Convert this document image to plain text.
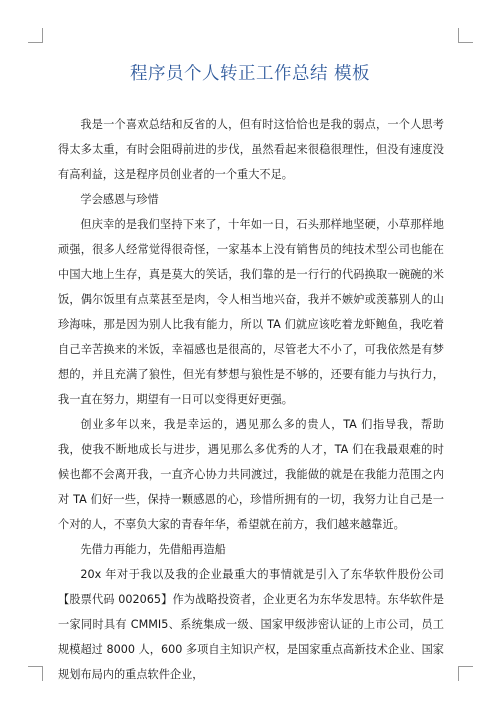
程序员个人转正工作总结 模板

我是一个喜欢总结和反省的人，但有时这恰恰也是我的弱点，一个人思考得太多太重，有时会阻碍前进的步伐，虽然看起来很稳很理性，但没有速度没有高利益，这是程序员创业者的一个重大不足。

学会感恩与珍惜

但庆幸的是我们坚持下来了，十年如一日，石头那样地坚硬，小草那样地顽强，很多人经常觉得很奇怪，一家基本上没有销售员的纯技术型公司也能在中国大地上生存，真是莫大的笑话，我们靠的是一行行的代码换取一碗碗的米饭，偶尔饭里有点菜甚至是肉，令人相当地兴奋，我并不嫉妒或羡慕别人的山珍海味，那是因为别人比我有能力，所以 TA 们就应该吃着龙虾鲍鱼，我吃着自己辛苦换来的米饭，幸福感也是很高的，尽管老大不小了，可我依然是有梦想的，并且充满了狼性，但光有梦想与狼性是不够的，还要有能力与执行力，我一直在努力，期望有一日可以变得更好更强。

创业多年以来，我是幸运的，遇见那么多的贵人，TA 们指导我，帮助我，使我不断地成长与进步，遇见那么多优秀的人才，TA 们在我最艰难的时候也都不会离开我，一直齐心协力共同渡过，我能做的就是在我能力范围之内对 TA 们好一些，保持一颗感恩的心，珍惜所拥有的一切，我努力让自己是一个对的人，不辜负大家的青春年华，希望就在前方，我们越来越靠近。

先借力再能力，先借船再造船

20x 年对于我以及我的企业最重大的事情就是引入了东华软件股份公司【股票代码 002065】作为战略投资者，企业更名为东华发思特。东华软件是一家同时具有 CMMI5、系统集成一级、国家甲级涉密认证的上市公司，员工规模超过 8000 人，600 多项自主知识产权，是国家重点高新技术企业、国家规划布局内的重点软件企业，
